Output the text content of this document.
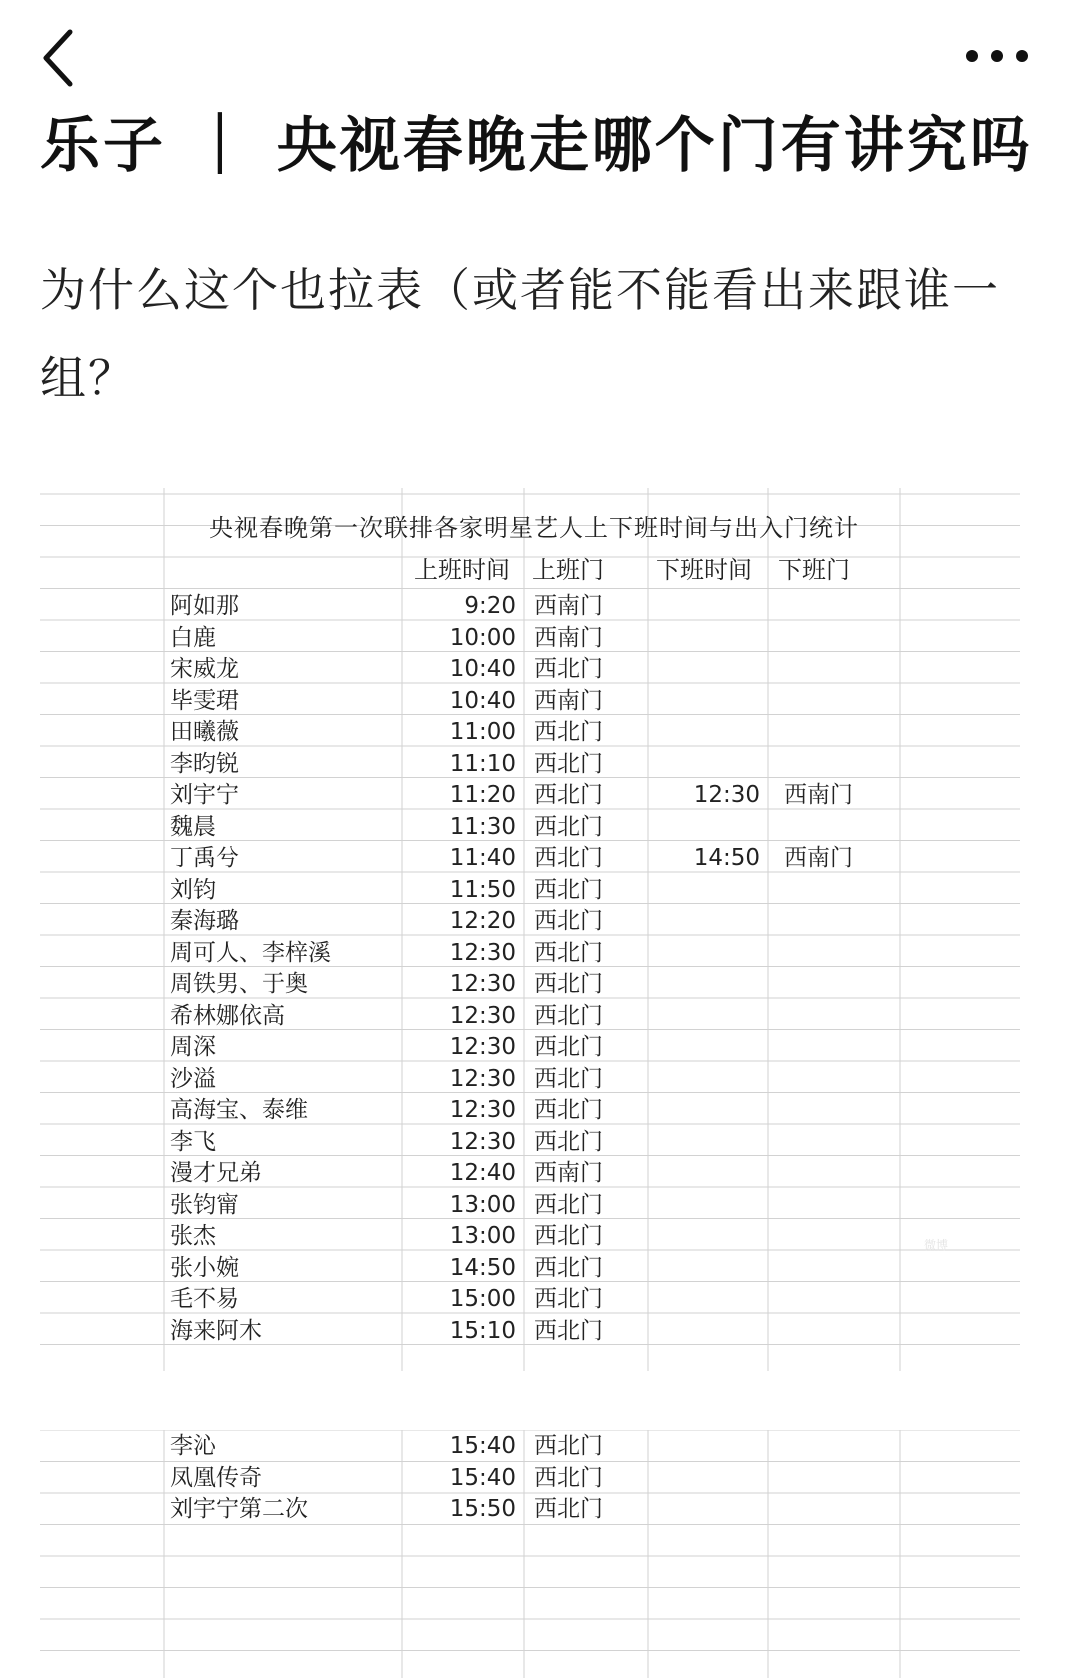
乐子 ｜ 央视春晚走哪个门有讲究吗
为什么这个也拉表（或者能不能看出来跟谁一组？
央视春晚第一次联排各家明星艺人上下班时间与出入门统计
上班时间 上班门 下班时间 下班门
阿如那	9:20 西南门
白鹿	10:00 西南门
宋威龙	10:40 西北门
毕雯珺	10:40 西南门
田曦薇	11:00 西北门
李昀锐	11:10 西北门
刘宇宁	11:20 西北门	12:30 西南门
魏晨	11:30 西北门
丁禹兮	11:40 西北门	14:50 西南门
刘钧	11:50 西北门
秦海璐	12:20 西北门
周可人、李梓溪	12:30 西北门
周铁男、于奥	12:30 西北门
希林娜依高	12:30 西北门
周深	12:30 西北门
沙溢	12:30 西北门
高海宝、泰维	12:30 西北门
李飞	12:30 西北门
漫才兄弟	12:40 西南门
张钧甯	13:00 西北门
张杰	13:00 西北门
张小婉	14:50 西北门
毛不易	15:00 西北门
海来阿木	15:10 西北门
微博
李沁	15:40 西北门
凤凰传奇	15:40 西北门
刘宇宁第二次	15:50 西北门
